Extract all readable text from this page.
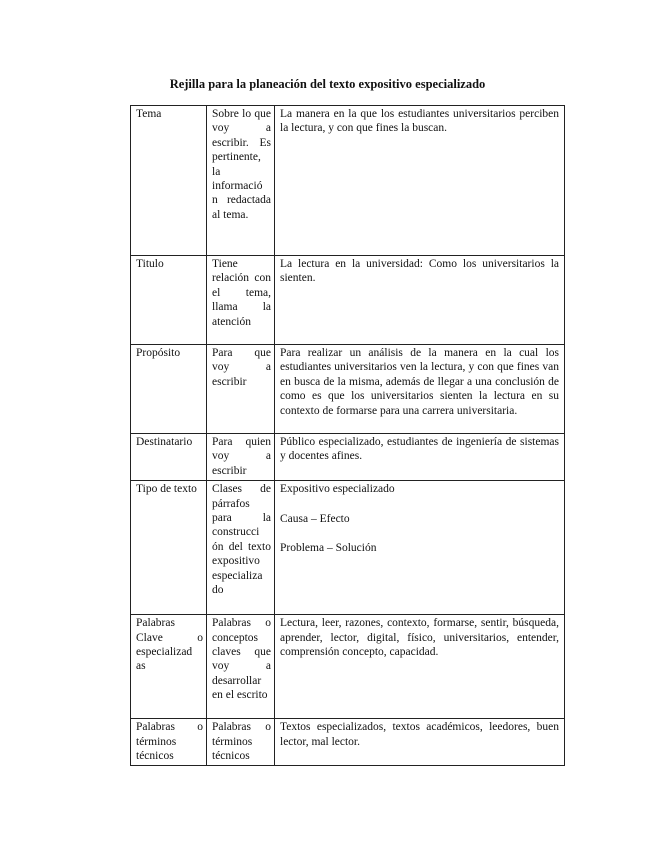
Rejilla para la planeación del texto expositivo especializado
Tema	Sobre lo que voy a escribir. Es pertinente, la informació n redactada al tema.	La manera en la que los estudiantes universitarios perciben la lectura, y con que fines la buscan.
Titulo	Tiene relación con el tema, llama la atención	La lectura en la universidad: Como los universitarios la sienten.
Propósito	Para que voy a escribir	Para realizar un análisis de la manera en la cual los estudiantes universitarios ven la lectura, y con que fines van en busca de la misma, además de llegar a una conclusión de como es que los universitarios sienten la lectura en su contexto de formarse para una carrera universitaria.
Destinatario	Para quien voy a escribir	Público especializado, estudiantes de ingeniería de sistemas y docentes afines.
Tipo de texto	Clases de párrafos para la construcci ón del texto expositivo especializa do	Expositivo especializado

Causa – Efecto

Problema – Solución

Palabras Clave o especializad as	Palabras o conceptos claves que voy a desarrollar en el escrito	Lectura, leer, razones, contexto, formarse, sentir, búsqueda, aprender, lector, digital, físico, universitarios, entender, comprensión concepto, capacidad.
Palabras o términos técnicos	Palabras o términos técnicos	Textos especializados, textos académicos, leedores, buen lector, mal lector.
